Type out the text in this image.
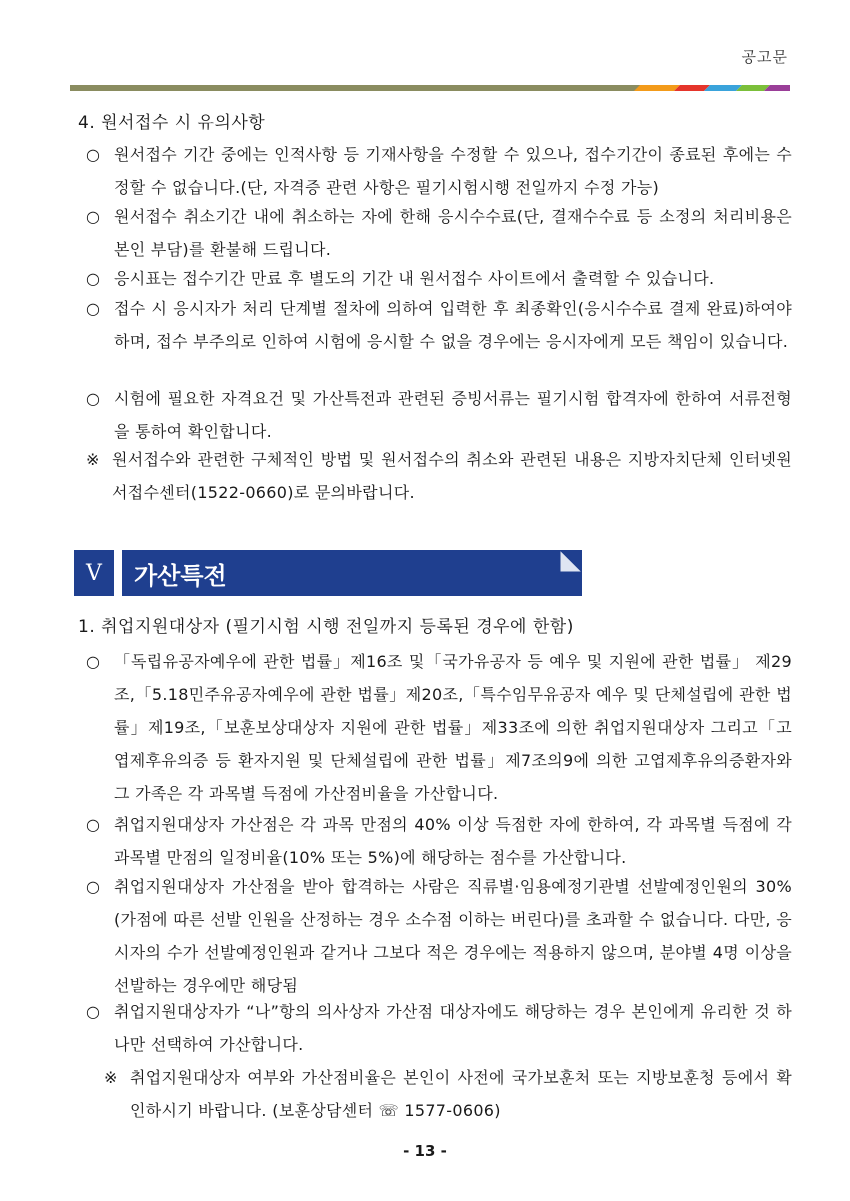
공고문
4. 원서접수 시 유의사항
○ 원서접수 기간 중에는 인적사항 등 기재사항을 수정할 수 있으나, 접수기간이 종료된 후에는 수정할 수 없습니다.(단, 자격증 관련 사항은 필기시험시행 전일까지 수정 가능)
○ 원서접수 취소기간 내에 취소하는 자에 한해 응시수수료(단, 결재수수료 등 소정의 처리비용은 본인 부담)를 환불해 드립니다.
○ 응시표는 접수기간 만료 후 별도의 기간 내 원서접수 사이트에서 출력할 수 있습니다.
○ 접수 시 응시자가 처리 단계별 절차에 의하여 입력한 후 최종확인(응시수수료 결제 완료)하여야 하며, 접수 부주의로 인하여 시험에 응시할 수 없을 경우에는 응시자에게 모든 책임이 있습니다.
○ 시험에 필요한 자격요건 및 가산특전과 관련된 증빙서류는 필기시험 합격자에 한하여 서류전형을 통하여 확인합니다.
※ 원서접수와 관련한 구체적인 방법 및 원서접수의 취소와 관련된 내용은 지방자치단체 인터넷원서접수센터(1522-0660)로 문의바랍니다.
Ⅴ	가산특전
1. 취업지원대상자 (필기시험 시행 전일까지 등록된 경우에 한함)
○ 「독립유공자예우에 관한 법률」제16조 및「국가유공자 등 예우 및 지원에 관한 법률」 제29조,「5.18민주유공자예우에 관한 법률」제20조,「특수임무유공자 예우 및 단체설립에 관한 법률」제19조,「보훈보상대상자 지원에 관한 법률」제33조에 의한 취업지원대상자 그리고「고엽제후유의증 등 환자지원 및 단체설립에 관한 법률」제7조의9에 의한 고엽제후유의증환자와 그 가족은 각 과목별 득점에 가산점비율을 가산합니다.
○ 취업지원대상자 가산점은 각 과목 만점의 40% 이상 득점한 자에 한하여, 각 과목별 득점에 각 과목별 만점의 일정비율(10% 또는 5%)에 해당하는 점수를 가산합니다.
○ 취업지원대상자 가산점을 받아 합격하는 사람은 직류별·임용예정기관별 선발예정인원의 30%(가점에 따른 선발 인원을 산정하는 경우 소수점 이하는 버린다)를 초과할 수 없습니다. 다만, 응시자의 수가 선발예정인원과 같거나 그보다 적은 경우에는 적용하지 않으며, 분야별 4명 이상을 선발하는 경우에만 해당됨
○ 취업지원대상자가 “나”항의 의사상자 가산점 대상자에도 해당하는 경우 본인에게 유리한 것 하나만 선택하여 가산합니다.
※ 취업지원대상자 여부와 가산점비율은 본인이 사전에 국가보훈처 또는 지방보훈청 등에서 확인하시기 바랍니다. (보훈상담센터 ☏ 1577-0606)
- 13 -
